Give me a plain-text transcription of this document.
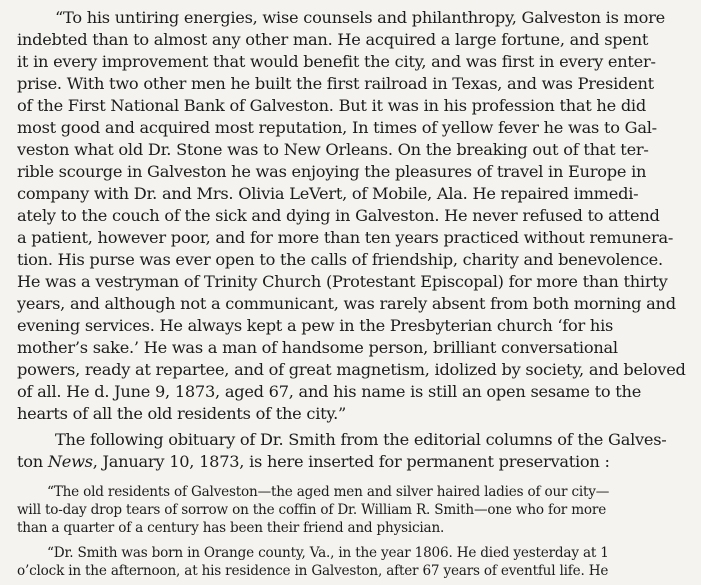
“To his untiring energies, wise counsels and philanthropy, Galveston is more
indebted than to almost any other man. He acquired a large fortune, and spent
it in every improvement that would benefit the city, and was first in every enter-
prise. With two other men he built the first railroad in Texas, and was President
of the First National Bank of Galveston. But it was in his profession that he did
most good and acquired most reputation, In times of yellow fever he was to Gal-
veston what old Dr. Stone was to New Orleans. On the breaking out of that ter-
rible scourge in Galveston he was enjoying the pleasures of travel in Europe in
company with Dr. and Mrs. Olivia LeVert, of Mobile, Ala. He repaired immedi-
ately to the couch of the sick and dying in Galveston. He never refused to attend
a patient, however poor, and for more than ten years practiced without remunera-
tion. His purse was ever open to the calls of friendship, charity and benevolence.
He was a vestryman of Trinity Church (Protestant Episcopal) for more than thirty
years, and although not a communicant, was rarely absent from both morning and
evening services. He always kept a pew in the Presbyterian church ‘for his
mother’s sake.’ He was a man of handsome person, brilliant conversational
powers, ready at repartee, and of great magnetism, idolized by society, and beloved
of all. He d. June 9, 1873, aged 67, and his name is still an open sesame to the
hearts of all the old residents of the city.”
The following obituary of Dr. Smith from the editorial columns of the Galves-
ton News, January 10, 1873, is here inserted for permanent preservation :
“The old residents of Galveston—the aged men and silver haired ladies of our city—
will to-day drop tears of sorrow on the coffin of Dr. William R. Smith—one who for more
than a quarter of a century has been their friend and physician.
“Dr. Smith was born in Orange county, Va., in the year 1806. He died yesterday at 1
o’clock in the afternoon, at his residence in Galveston, after 67 years of eventful life. He
